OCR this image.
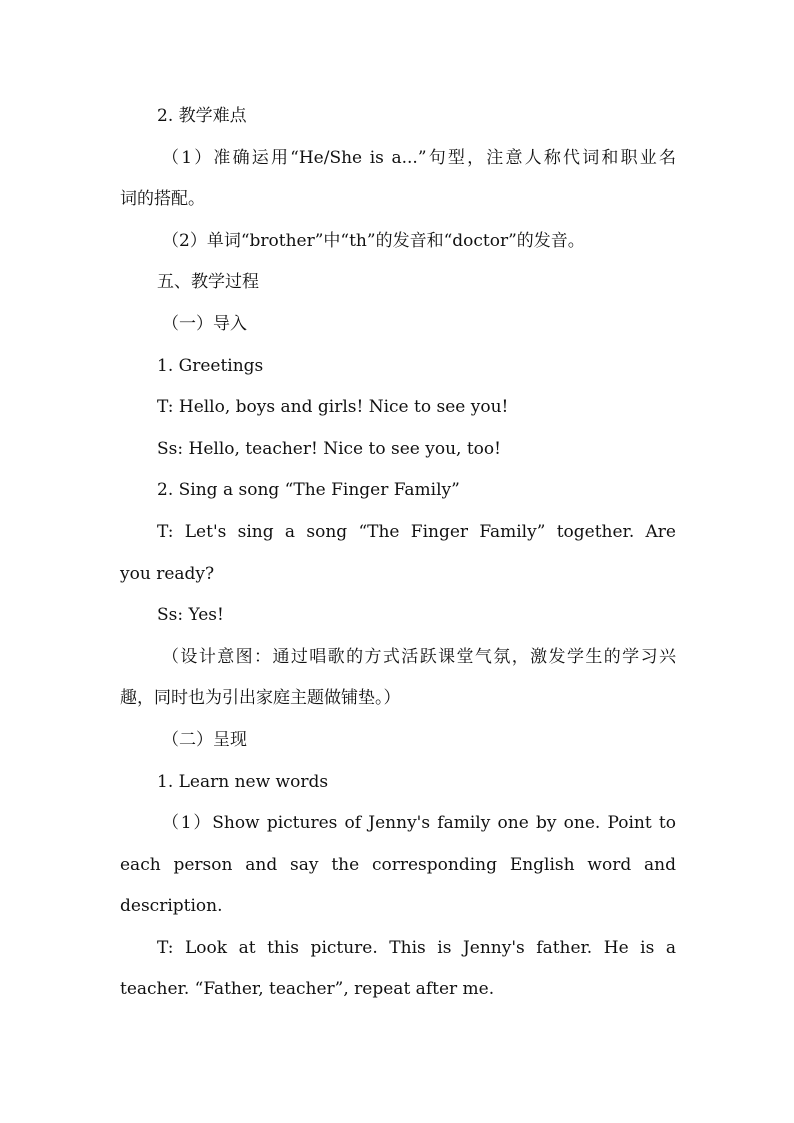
2. 教学难点

（1）准确运用“He/She is a...”句型，注意人称代词和职业名

词的搭配。

（2）单词“brother”中“th”的发音和“doctor”的发音。

五、教学过程

（一）导入

1. Greetings

T: Hello, boys and girls! Nice to see you!

Ss: Hello, teacher! Nice to see you, too!

2. Sing a song “The Finger Family”

T: Let's sing a song “The Finger Family” together. Are

you ready?

Ss: Yes!

（设计意图：通过唱歌的方式活跃课堂气氛，激发学生的学习兴

趣，同时也为引出家庭主题做铺垫。）

（二）呈现

1. Learn new words

（1）Show pictures of Jenny's family one by one. Point to

each person and say the corresponding English word and

description.

T: Look at this picture. This is Jenny's father. He is a

teacher. “Father, teacher”, repeat after me.
